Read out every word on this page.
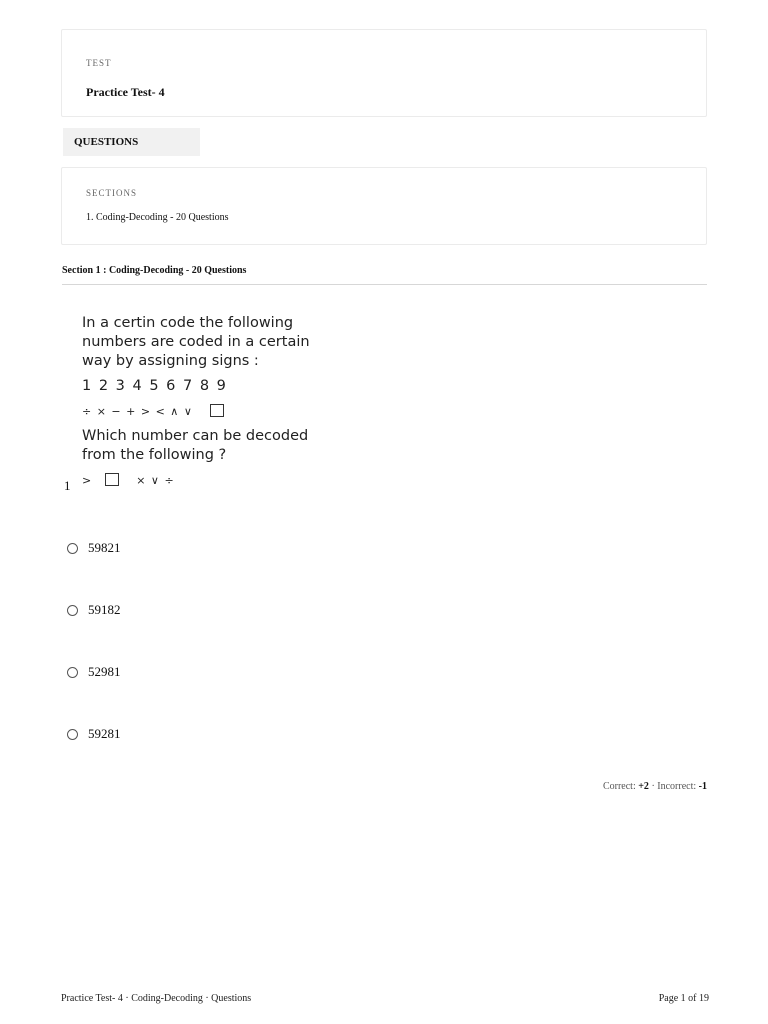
TEST
Practice Test- 4
QUESTIONS
SECTIONS
1. Coding-Decoding - 20 Questions
Section 1 : Coding-Decoding - 20 Questions
In a certin code the following
numbers are coded in a certain
way by assigning signs :
1 2 3 4 5 6 7 8 9
÷ × − + > < ∧ ∨
Which number can be decoded
from the following ?
>	× ∨ ÷
1
59821
59182
52981
59281
Correct: +2 · Incorrect: -1
Practice Test- 4 · Coding-Decoding · Questions	Page 1 of 19
